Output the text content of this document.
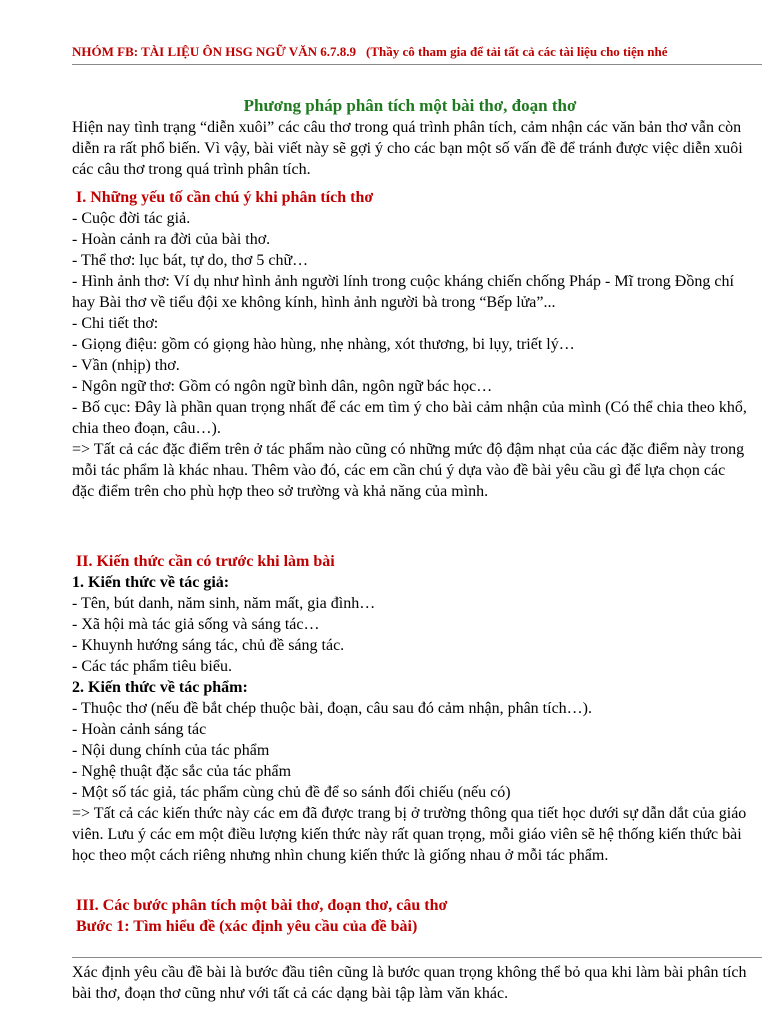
NHÓM FB: TÀI LIỆU ÔN HSG NGỮ VĂN 6.7.8.9 (Thầy cô tham gia để tải tất cả các tài liệu cho tiện nhé
Phương pháp phân tích một bài thơ, đoạn thơ

Hiện nay tình trạng “diễn xuôi” các câu thơ trong quá trình phân tích, cảm nhận các văn bản thơ vẫn còn diễn ra rất phổ biến. Vì vậy, bài viết này sẽ gợi ý cho các bạn một số vấn đề để tránh được việc diễn xuôi các câu thơ trong quá trình phân tích.

I. Những yếu tố cần chú ý khi phân tích thơ

- Cuộc đời tác giả.

- Hoàn cảnh ra đời của bài thơ.

- Thể thơ: lục bát, tự do, thơ 5 chữ…

- Hình ảnh thơ: Ví dụ như hình ảnh người lính trong cuộc kháng chiến chống Pháp - Mĩ trong Đồng chí hay Bài thơ về tiểu đội xe không kính, hình ảnh người bà trong “Bếp lửa”...

- Chi tiết thơ:

- Giọng điệu: gồm có giọng hào hùng, nhẹ nhàng, xót thương, bi lụy, triết lý…

- Vần (nhịp) thơ.

- Ngôn ngữ thơ: Gồm có ngôn ngữ bình dân, ngôn ngữ bác học…

- Bố cục: Đây là phần quan trọng nhất để các em tìm ý cho bài cảm nhận của mình (Có thể chia theo khổ, chia theo đoạn, câu…).

=> Tất cả các đặc điểm trên ở tác phẩm nào cũng có những mức độ đậm nhạt của các đặc điểm này trong mỗi tác phẩm là khác nhau. Thêm vào đó, các em cần chú ý dựa vào đề bài yêu cầu gì để lựa chọn các đặc điểm trên cho phù hợp theo sở trường và khả năng của mình.

II. Kiến thức cần có trước khi làm bài

1. Kiến thức về tác giả:

- Tên, bút danh, năm sinh, năm mất, gia đình…

- Xã hội mà tác giả sống và sáng tác…

- Khuynh hướng sáng tác, chủ đề sáng tác.

- Các tác phẩm tiêu biểu.

2. Kiến thức về tác phẩm:

- Thuộc thơ (nếu đề bắt chép thuộc bài, đoạn, câu sau đó cảm nhận, phân tích…).

- Hoàn cảnh sáng tác

- Nội dung chính của tác phẩm

- Nghệ thuật đặc sắc của tác phẩm

- Một số tác giả, tác phẩm cùng chủ đề để so sánh đối chiếu (nếu có)

=> Tất cả các kiến thức này các em đã được trang bị ở trường thông qua tiết học dưới sự dẫn dắt của giáo viên. Lưu ý các em một điều lượng kiến thức này rất quan trọng, mỗi giáo viên sẽ hệ thống kiến thức bài học theo một cách riêng nhưng nhìn chung kiến thức là giống nhau ở mỗi tác phẩm.

III. Các bước phân tích một bài thơ, đoạn thơ, câu thơ Bước 1: Tìm hiểu đề (xác định yêu cầu của đề bài)

Xác định yêu cầu đề bài là bước đầu tiên cũng là bước quan trọng không thể bỏ qua khi làm bài phân tích bài thơ, đoạn thơ cũng như với tất cả các dạng bài tập làm văn khác.
